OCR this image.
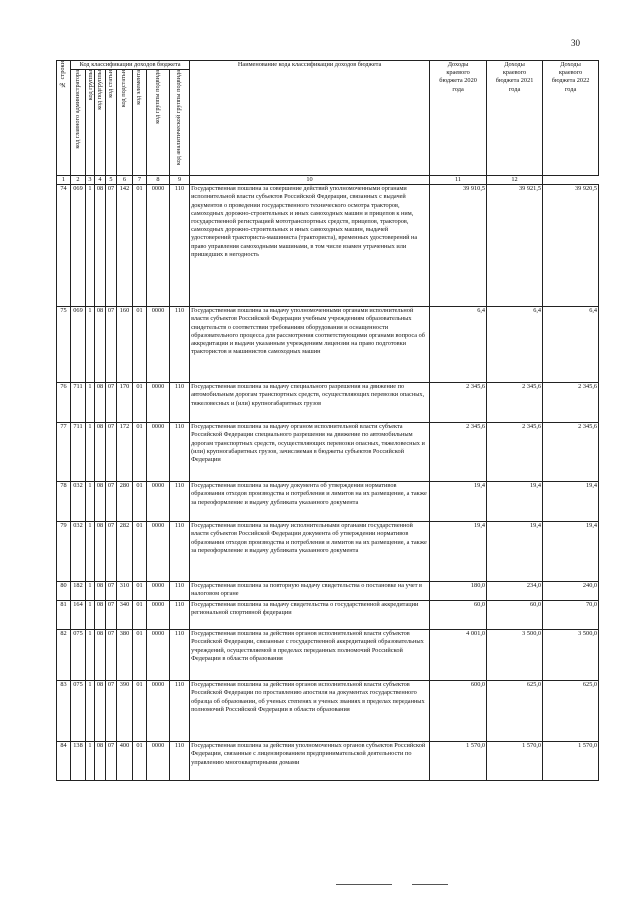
30
№ строки	Код классификации доходов бюджета								Наименование кода классификации доходов бюджета	Доходы краевого бюджета 2020 года	Доходы краевого бюджета 2021 года	Доходы краевого бюджета 2022 года

	код главного администратора	код группы	код подгруппы	код статьи	код подстатьи	код элемента	код группы подвида	код аналитической группы подвида				

1	2	3	4	5	6	7	8	9	10	11	12	
74	069	1	08	07	142	01	0000	110	Государственная пошлина за совершение действий уполномоченными органами исполнительной власти субъектов Российской Федерации, связанных с выдачей документов о проведении государственного технического осмотра тракторов, самоходных дорожно-строительных и иных самоходных машин и прицепов к ним, государственной регистрацией мототранспортных средств, прицепов, тракторов, самоходных дорожно-строительных и иных самоходных машин, выдачей удостоверений тракториста-машиниста (тракториста), временных удостоверений на право управления самоходными машинами, в том числе взамен утраченных или пришедших в негодность	39 910,5	39 921,5	39 920,5
75	069	1	08	07	160	01	0000	110	Государственная пошлина за выдачу уполномоченными органами исполнительной власти субъектов Российской Федерации учебным учреждениям образовательных свидетельств о соответствии требованиям оборудования и оснащенности образовательного процесса для рассмотрения соответствующими органами вопроса об аккредитации и выдачи указанным учреждениям лицензии на право подготовки трактористов и машинистов самоходных машин	6,4	6,4	6,4
76	711	1	08	07	170	01	0000	110	Государственная пошлина за выдачу специального разрешения на движение по автомобильным дорогам транспортных средств, осуществляющих перевозки опасных, тяжеловесных и (или) крупногабаритных грузов	2 345,6	2 345,6	2 345,6
77	711	1	08	07	172	01	0000	110	Государственная пошлина за выдачу органом исполнительной власти субъекта Российской Федерации специального разрешения на движение по автомобильным дорогам транспортных средств, осуществляющих перевозки опасных, тяжеловесных и (или) крупногабаритных грузов, зачисляемая в бюджеты субъектов Российской Федерации	2 345,6	2 345,6	2 345,6
78	032	1	08	07	280	01	0000	110	Государственная пошлина за выдачу документа об утверждении нормативов образования отходов производства и потребления и лимитов на их размещение, а также за переоформление и выдачу дубликата указанного документа	19,4	19,4	19,4
79	032	1	08	07	282	01	0000	110	Государственная пошлина за выдачу исполнительными органами государственной власти субъектов Российской Федерации документа об утверждении нормативов образования отходов производства и потребления и лимитов на их размещение, а также за переоформление и выдачу дубликата указанного документа	19,4	19,4	19,4
80	182	1	08	07	310	01	0000	110	Государственная пошлина за повторную выдачу свидетельства о постановке на учет в налоговом органе	180,0	234,0	240,0
81	164	1	08	07	340	01	0000	110	Государственная пошлина за выдачу свидетельства о государственной аккредитации региональной спортивной федерации	60,0	60,0	70,0
82	075	1	08	07	380	01	0000	110	Государственная пошлина за действия органов исполнительной власти субъектов Российской Федерации, связанные с государственной аккредитацией образовательных учреждений, осуществляемой в пределах переданных полномочий Российской Федерации в области образования	4 001,0	3 500,0	3 500,0
83	075	1	08	07	390	01	0000	110	Государственная пошлина за действия органов исполнительной власти субъектов Российской Федерации по проставлению апостиля на документах государственного образца об образовании, об ученых степенях и ученых званиях в пределах переданных полномочий Российской Федерации в области образования	600,0	625,0	625,0
84	138	1	08	07	400	01	0000	110	Государственная пошлина за действия уполномоченных органов субъектов Российской Федерации, связанные с лицензированием предпринимательской деятельности по управлению многоквартирными домами	1 570,0	1 570,0	1 570,0
